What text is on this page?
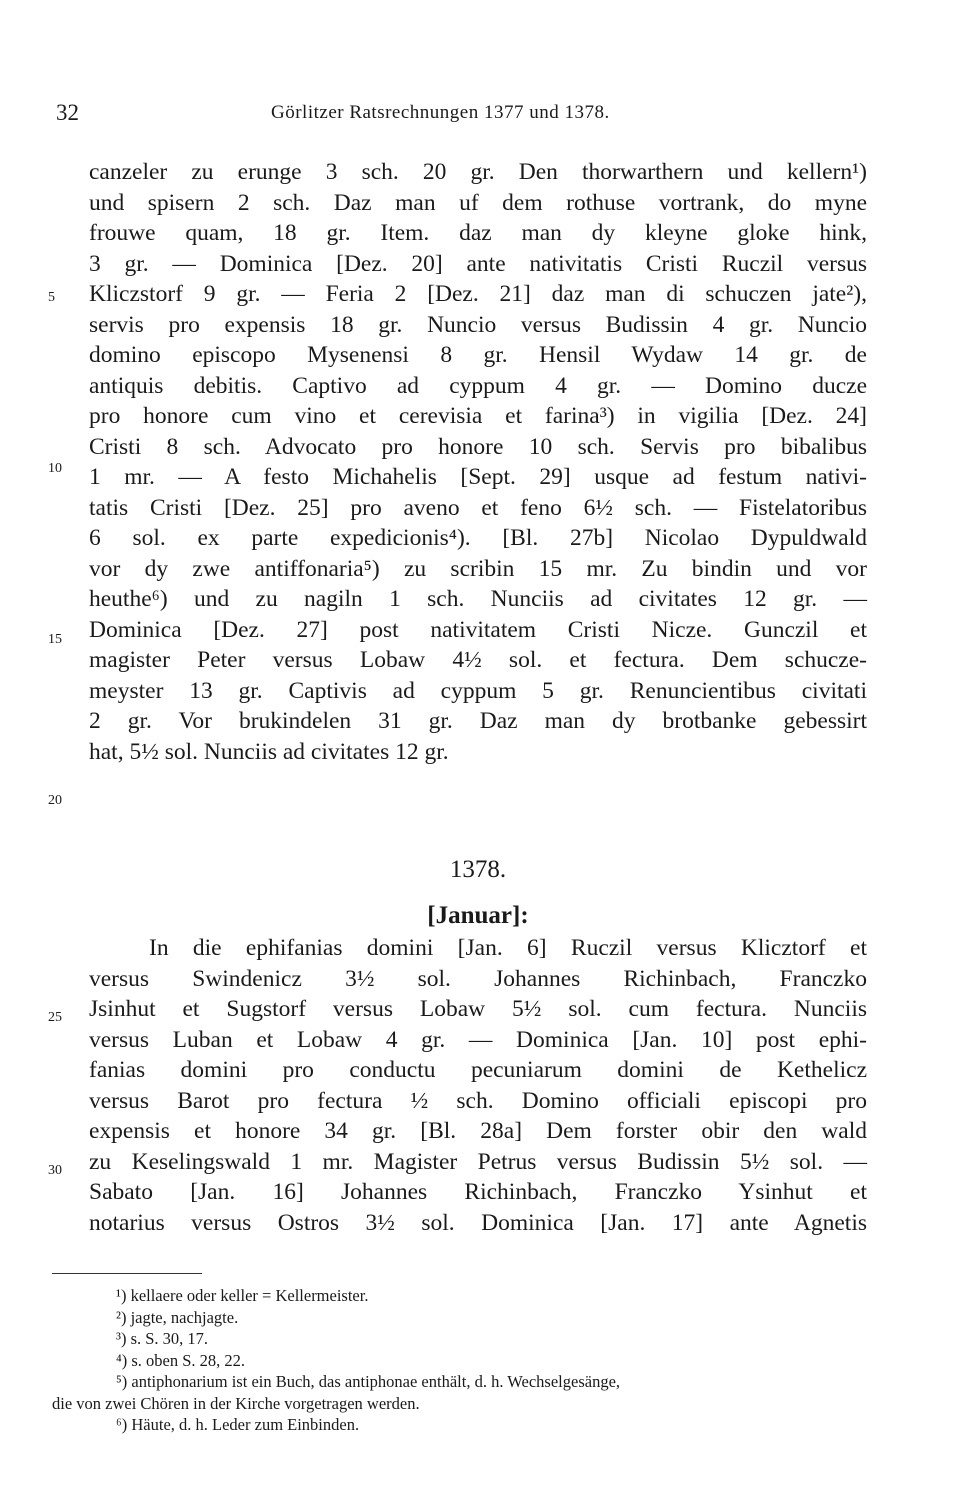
32	Görlitzer Ratsrechnungen 1377 und 1378.
canzeler zu erunge 3 sch. 20 gr. Den thorwarthern und kellern¹)
und spisern 2 sch. Daz man uf dem rothuse vortrank, do myne
frouwe quam, 18 gr. Item. daz man dy kleyne gloke hink,
3 gr. — Dominica [Dez. 20] ante nativitatis Cristi Ruczil versus
Kliczstorf 9 gr. — Feria 2 [Dez. 21] daz man di schuczen jate²),
servis pro expensis 18 gr. Nuncio versus Budissin 4 gr. Nuncio
domino episcopo Mysenensi 8 gr. Hensil Wydaw 14 gr. de
antiquis debitis. Captivo ad cyppum 4 gr. — Domino ducze
pro honore cum vino et cerevisia et farina³) in vigilia [Dez. 24]
Cristi 8 sch. Advocato pro honore 10 sch. Servis pro bibalibus
1 mr. — A festo Michahelis [Sept. 29] usque ad festum nativi-
tatis Cristi [Dez. 25] pro aveno et feno 6½ sch. — Fistelatoribus
6 sol. ex parte expedicionis⁴). [Bl. 27b] Nicolao Dypuldwald
vor dy zwe antiffonaria⁵) zu scribin 15 mr. Zu bindin und vor
heuthe⁶) und zu nagiln 1 sch. Nunciis ad civitates 12 gr. —
Dominica [Dez. 27] post nativitatem Cristi Nicze. Gunczil et
magister Peter versus Lobaw 4½ sol. et fectura. Dem schucze-
meyster 13 gr. Captivis ad cyppum 5 gr. Renuncientibus civitati
2 gr. Vor brukindelen 31 gr. Daz man dy brotbanke gebessirt
hat, 5½ sol. Nunciis ad civitates 12 gr.
5
10
15
20
1378.
[Januar]:
In die ephifanias domini [Jan. 6] Ruczil versus Klicztorf et
versus Swindenicz 3½ sol. Johannes Richinbach, Franczko
Jsinhut et Sugstorf versus Lobaw 5½ sol. cum fectura. Nunciis
versus Luban et Lobaw 4 gr. — Dominica [Jan. 10] post ephi-
fanias domini pro conductu pecuniarum domini de Kethelicz
versus Barot pro fectura ½ sch. Domino officiali episcopi pro
expensis et honore 34 gr. [Bl. 28a] Dem forster obir den wald
zu Keselingswald 1 mr. Magister Petrus versus Budissin 5½ sol. —
Sabato [Jan. 16] Johannes Richinbach, Franczko Ysinhut et
notarius versus Ostros 3½ sol. Dominica [Jan. 17] ante Agnetis
25
30
¹) kellaere oder keller = Kellermeister.
²) jagte, nachjagte.
³) s. S. 30, 17.
⁴) s. oben S. 28, 22.
⁵) antiphonarium ist ein Buch, das antiphonae enthält, d. h. Wechselgesänge,
die von zwei Chören in der Kirche vorgetragen werden.
⁶) Häute, d. h. Leder zum Einbinden.
